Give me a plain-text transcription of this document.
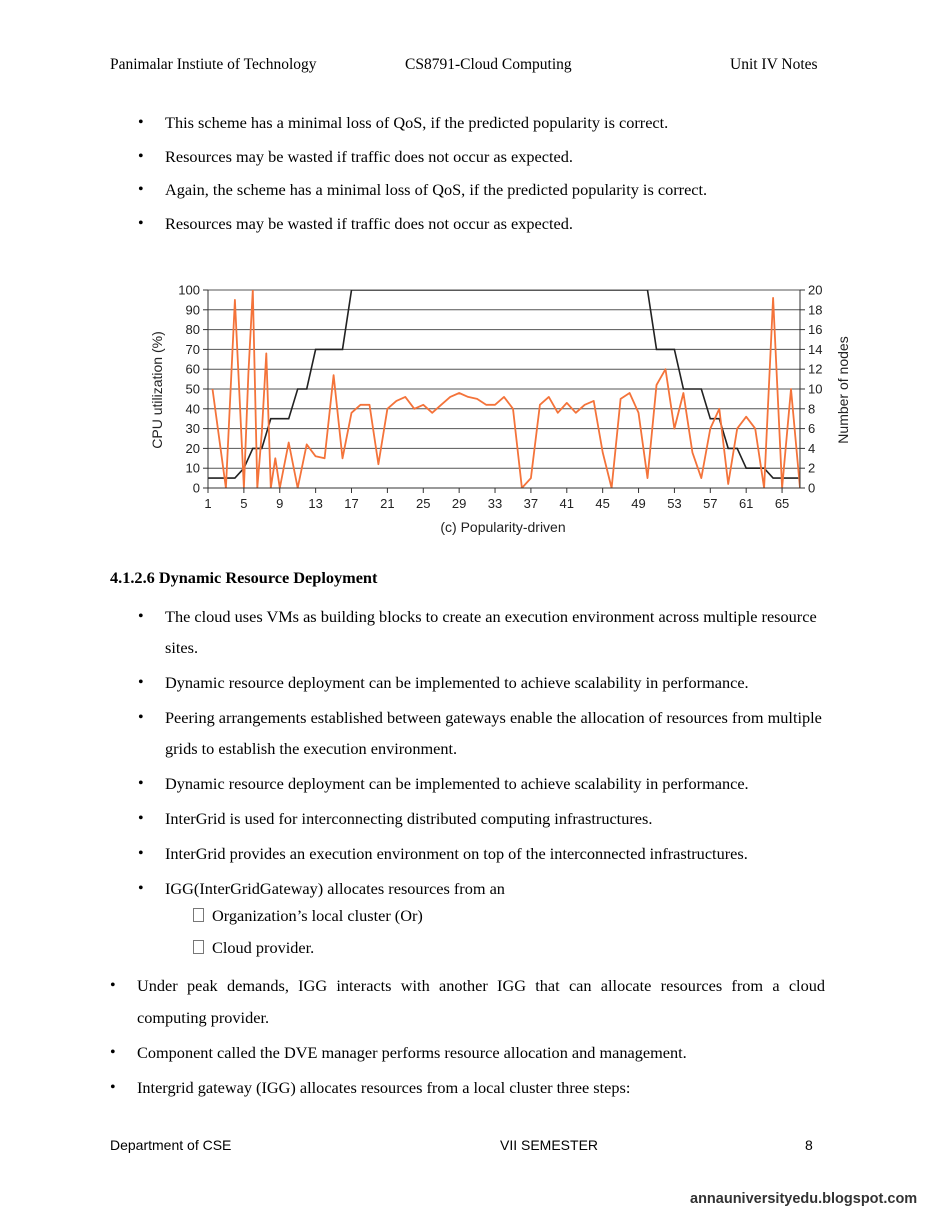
Panimalar Instiute of Technology	CS8791-Cloud Computing	Unit IV Notes
• This scheme has a minimal loss of QoS, if the predicted popularity is correct.
• Resources may be wasted if traffic does not occur as expected.
• Again, the scheme has a minimal loss of QoS, if the predicted popularity is correct.
• Resources may be wasted if traffic does not occur as expected.
0
10
20
30
40
50
60
70
80
90
100
0
2
4
6
8
10
12
14
16
18
20
1 5 9 13 17 21 25 29 33 37 41 45 49 53 57 61 65
CPU utilization (%)	Number of nodes
(c) Popularity-driven
4.1.2.6 Dynamic Resource Deployment
• The cloud uses VMs as building blocks to create an execution environment across multiple resource sites.
• Dynamic resource deployment can be implemented to achieve scalability in performance.
• Peering arrangements established between gateways enable the allocation of resources from multiple grids to establish the execution environment.
• Dynamic resource deployment can be implemented to achieve scalability in performance.
• InterGrid is used for interconnecting distributed computing infrastructures.
• InterGrid provides an execution environment on top of the interconnected infrastructures.
• IGG(InterGridGateway) allocates resources from an
Organization’s local cluster (Or)
Cloud provider.
• Under peak demands, IGG interacts with another IGG that can allocate resources from a cloud computing provider.
• Component called the DVE manager performs resource allocation and management.
• Intergrid gateway (IGG) allocates resources from a local cluster three steps:
Department of CSE	VII SEMESTER	8
annauniversityedu.blogspot.com
